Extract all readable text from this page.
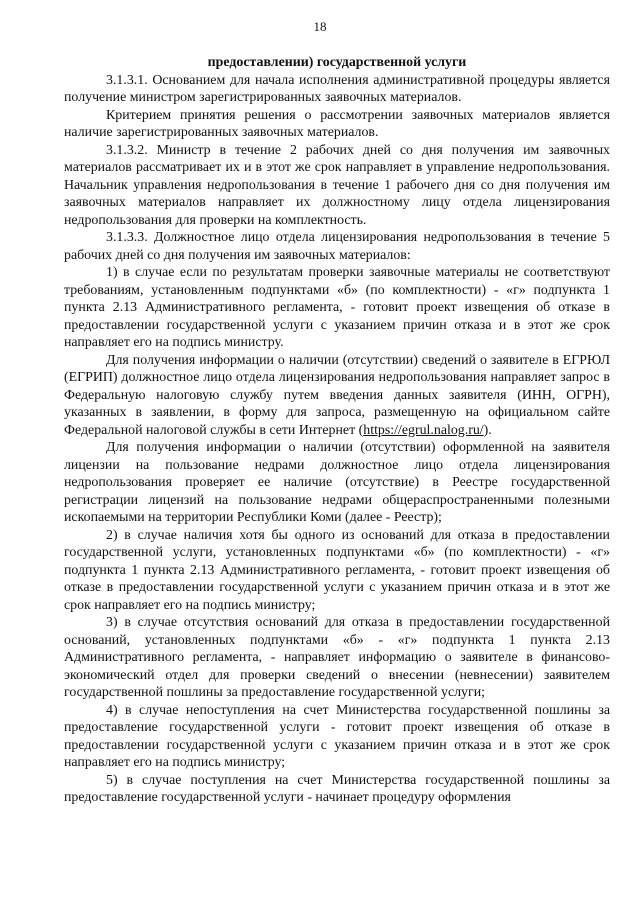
18

предоставлении) государственной услуги

3.1.3.1. Основанием для начала исполнения административной процедуры является получение министром зарегистрированных заявочных материалов.

Критерием принятия решения о рассмотрении заявочных материалов является наличие зарегистрированных заявочных материалов.

3.1.3.2. Министр в течение 2 рабочих дней со дня получения им заявочных материалов рассматривает их и в этот же срок направляет в управление недропользования. Начальник управления недропользования в течение 1 рабочего дня со дня получения им заявочных материалов направляет их должностному лицу отдела лицензирования недропользования для проверки на комплектность.

3.1.3.3. Должностное лицо отдела лицензирования недропользования в течение 5 рабочих дней со дня получения им заявочных материалов:

1) в случае если по результатам проверки заявочные материалы не соответствуют требованиям, установленным подпунктами «б» (по комплектности) - «г» подпункта 1 пункта 2.13 Административного регламента, - готовит проект извещения об отказе в предоставлении государственной услуги с указанием причин отказа и в этот же срок направляет его на подпись министру.

Для получения информации о наличии (отсутствии) сведений о заявителе в ЕГРЮЛ (ЕГРИП) должностное лицо отдела лицензирования недропользования направляет запрос в Федеральную налоговую службу путем введения данных заявителя (ИНН, ОГРН), указанных в заявлении, в форму для запроса, размещенную на официальном сайте Федеральной налоговой службы в сети Интернет (https://egrul.nalog.ru/).

Для получения информации о наличии (отсутствии) оформленной на заявителя лицензии на пользование недрами должностное лицо отдела лицензирования недропользования проверяет ее наличие (отсутствие) в Реестре государственной регистрации лицензий на пользование недрами общераспространенными полезными ископаемыми на территории Республики Коми (далее - Реестр);

2) в случае наличия хотя бы одного из оснований для отказа в предоставлении государственной услуги, установленных подпунктами «б» (по комплектности) - «г» подпункта 1 пункта 2.13 Административного регламента, - готовит проект извещения об отказе в предоставлении государственной услуги с указанием причин отказа и в этот же срок направляет его на подпись министру;

3) в случае отсутствия оснований для отказа в предоставлении государственной оснований, установленных подпунктами «б» - «г» подпункта 1 пункта 2.13 Административного регламента, - направляет информацию о заявителе в финансово-экономический отдел для проверки сведений о внесении (невнесении) заявителем государственной пошлины за предоставление государственной услуги;

4) в случае непоступления на счет Министерства государственной пошлины за предоставление государственной услуги - готовит проект извещения об отказе в предоставлении государственной услуги с указанием причин отказа и в этот же срок направляет его на подпись министру;

5) в случае поступления на счет Министерства государственной пошлины за предоставление государственной услуги - начинает процедуру оформления
